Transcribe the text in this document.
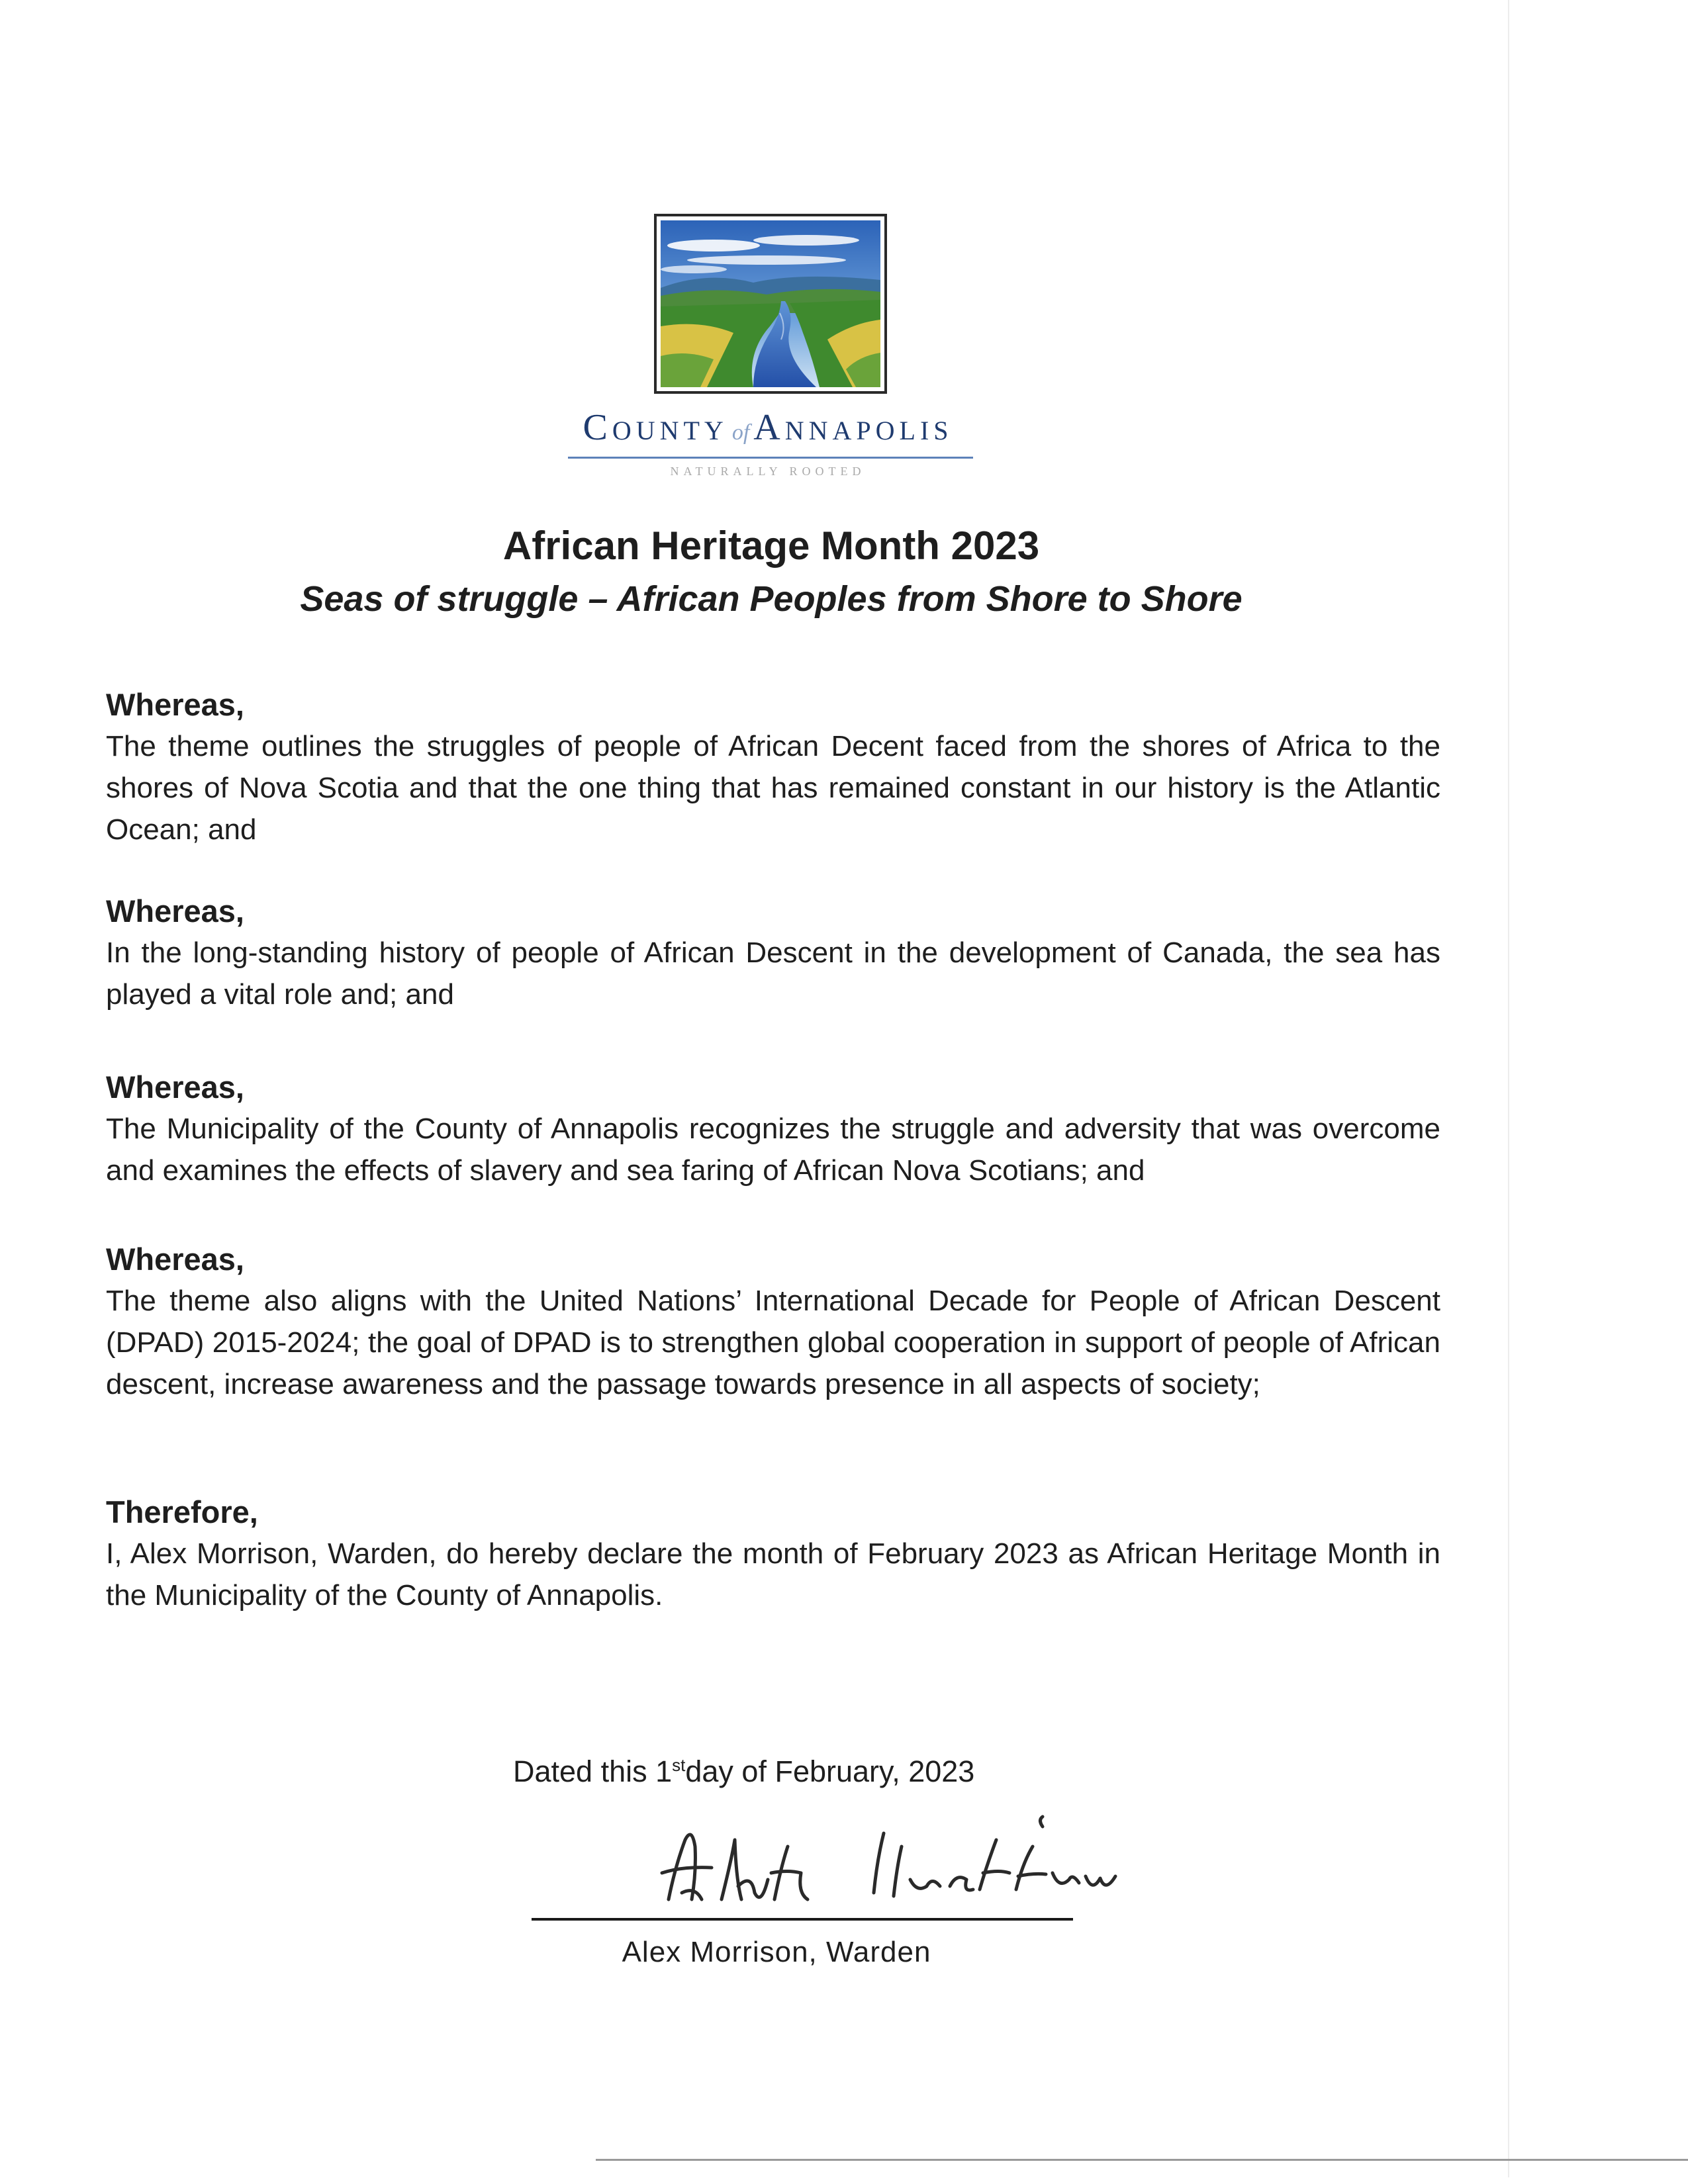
COUNTY of ANNAPOLIS
NATURALLY ROOTED
African Heritage Month 2023
Seas of struggle – African Peoples from Shore to Shore

Whereas,

The theme outlines the struggles of people of African Decent faced from the shores of Africa to the shores of Nova Scotia and that the one thing that has remained constant in our history is the Atlantic Ocean; and

Whereas,

In the long-standing history of people of African Descent in the development of Canada, the sea has played a vital role and; and

Whereas,

The Municipality of the County of Annapolis recognizes the struggle and adversity that was overcome and examines the effects of slavery and sea faring of African Nova Scotians; and

Whereas,

The theme also aligns with the United Nations’ International Decade for People of African Descent (DPAD) 2015-2024; the goal of DPAD is to strengthen global cooperation in support of people of African descent, increase awareness and the passage towards presence in all aspects of society;

Therefore,

I, Alex Morrison, Warden, do hereby declare the month of February 2023 as African Heritage Month in the Municipality of the County of Annapolis.

Dated this 1stday of February, 2023
Alex Morrison, Warden
